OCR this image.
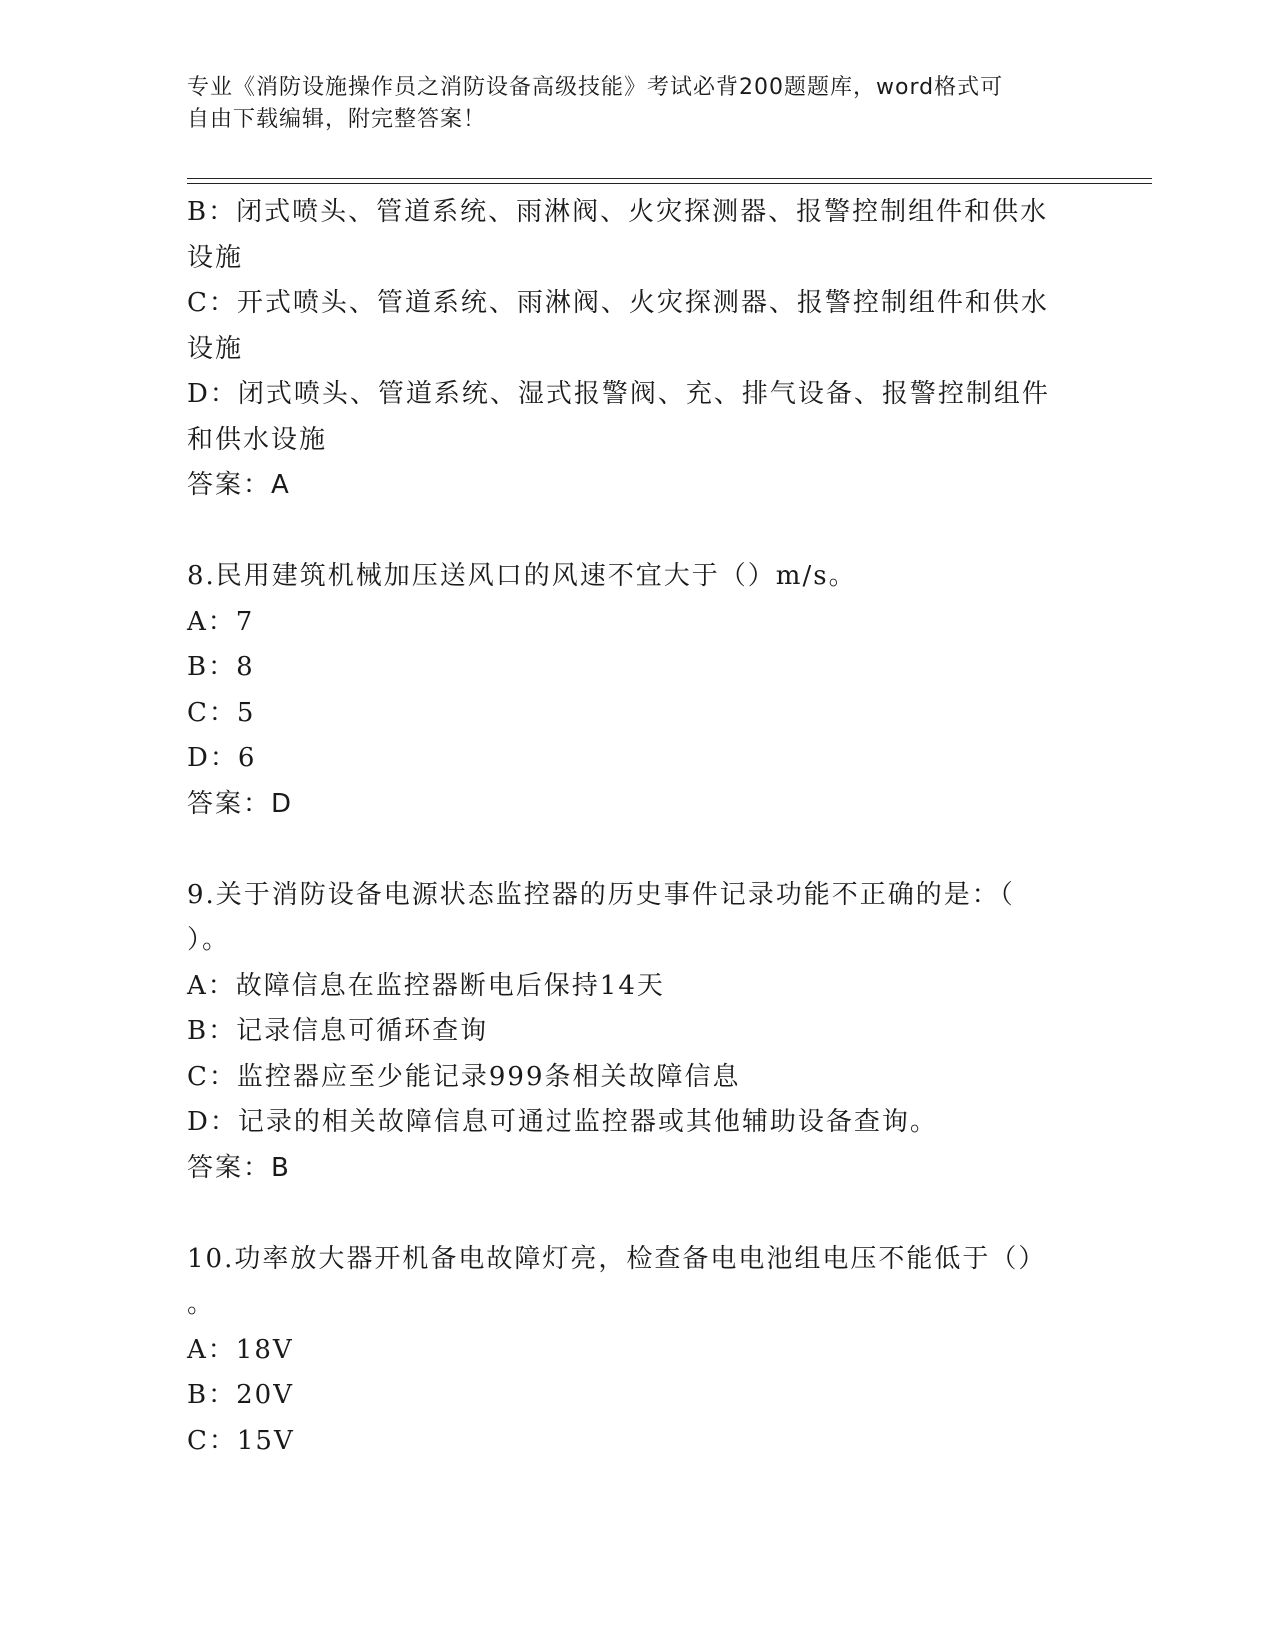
专业《消防设施操作员之消防设备高级技能》考试必背200题题库，word格式可
自由下载编辑，附完整答案！
B：闭式喷头、管道系统、雨淋阀、火灾探测器、报警控制组件和供水
设施
C：开式喷头、管道系统、雨淋阀、火灾探测器、报警控制组件和供水
设施
D：闭式喷头、管道系统、湿式报警阀、充、排气设备、报警控制组件
和供水设施
答案：A
8.民用建筑机械加压送风口的风速不宜大于（）m/s。
A：7
B：8
C：5
D：6
答案：D
9.关于消防设备电源状态监控器的历史事件记录功能不正确的是：（
）。
A：故障信息在监控器断电后保持14天
B：记录信息可循环查询
C：监控器应至少能记录999条相关故障信息
D：记录的相关故障信息可通过监控器或其他辅助设备查询。
答案：B
10.功率放大器开机备电故障灯亮，检查备电电池组电压不能低于（）
。
A：18V
B：20V
C：15V
